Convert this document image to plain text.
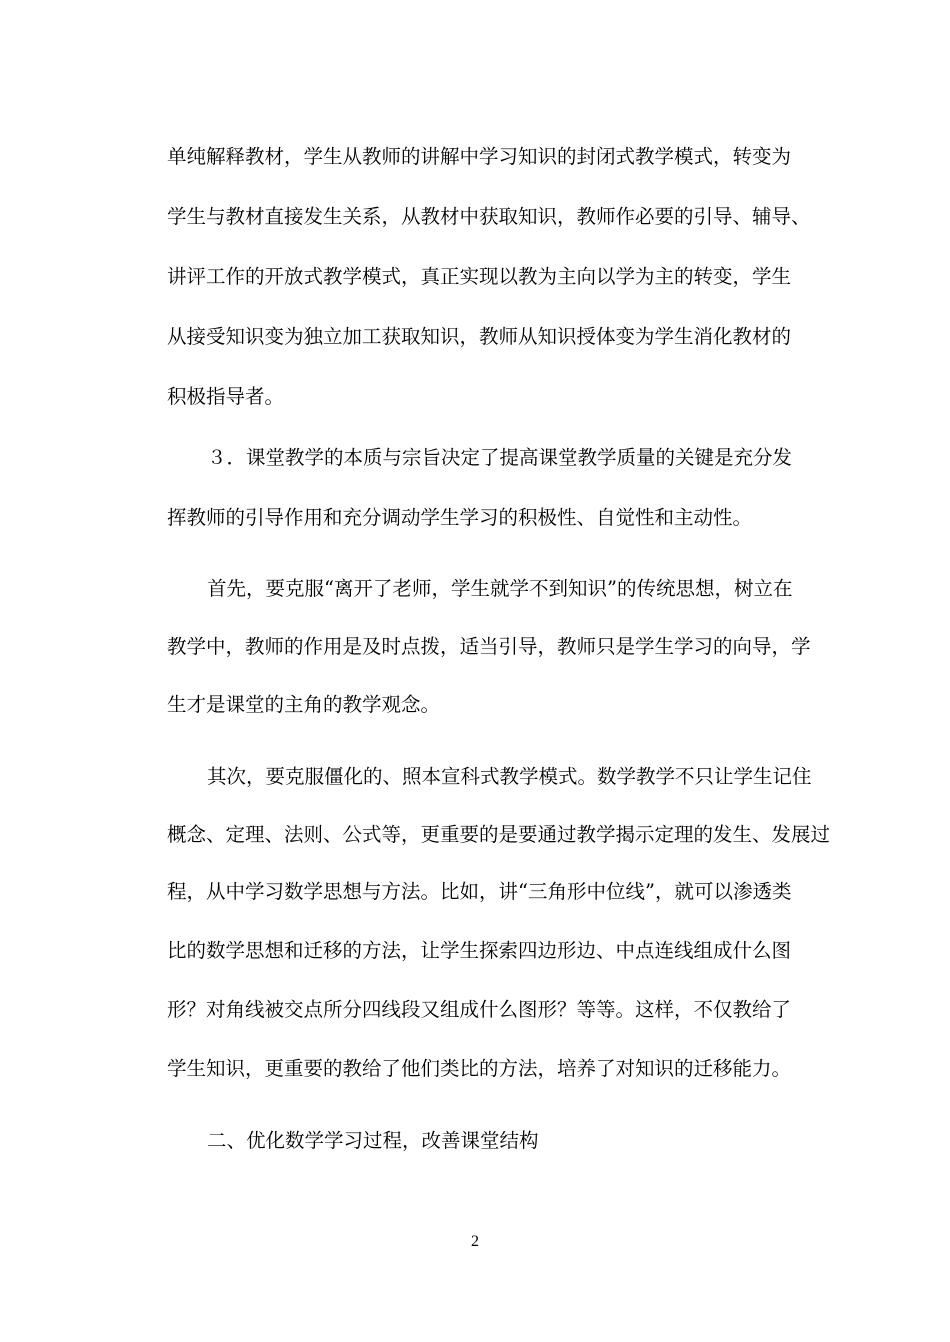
单纯解释教材，学生从教师的讲解中学习知识的封闭式教学模式，转变为
学生与教材直接发生关系，从教材中获取知识，教师作必要的引导、辅导、
讲评工作的开放式教学模式，真正实现以教为主向以学为主的转变，学生
从接受知识变为独立加工获取知识，教师从知识授体变为学生消化教材的
积极指导者。
３．课堂教学的本质与宗旨决定了提高课堂教学质量的关键是充分发
挥教师的引导作用和充分调动学生学习的积极性、自觉性和主动性。
首先，要克服“离开了老师，学生就学不到知识”的传统思想，树立在
教学中，教师的作用是及时点拨，适当引导，教师只是学生学习的向导，学
生才是课堂的主角的教学观念。
其次，要克服僵化的、照本宣科式教学模式。数学教学不只让学生记住
概念、定理、法则、公式等，更重要的是要通过教学揭示定理的发生、发展过
程，从中学习数学思想与方法。比如，讲“三角形中位线”，就可以渗透类
比的数学思想和迁移的方法，让学生探索四边形边、中点连线组成什么图
形？对角线被交点所分四线段又组成什么图形？等等。这样，不仅教给了
学生知识，更重要的教给了他们类比的方法，培养了对知识的迁移能力。
二、优化数学学习过程，改善课堂结构
2
